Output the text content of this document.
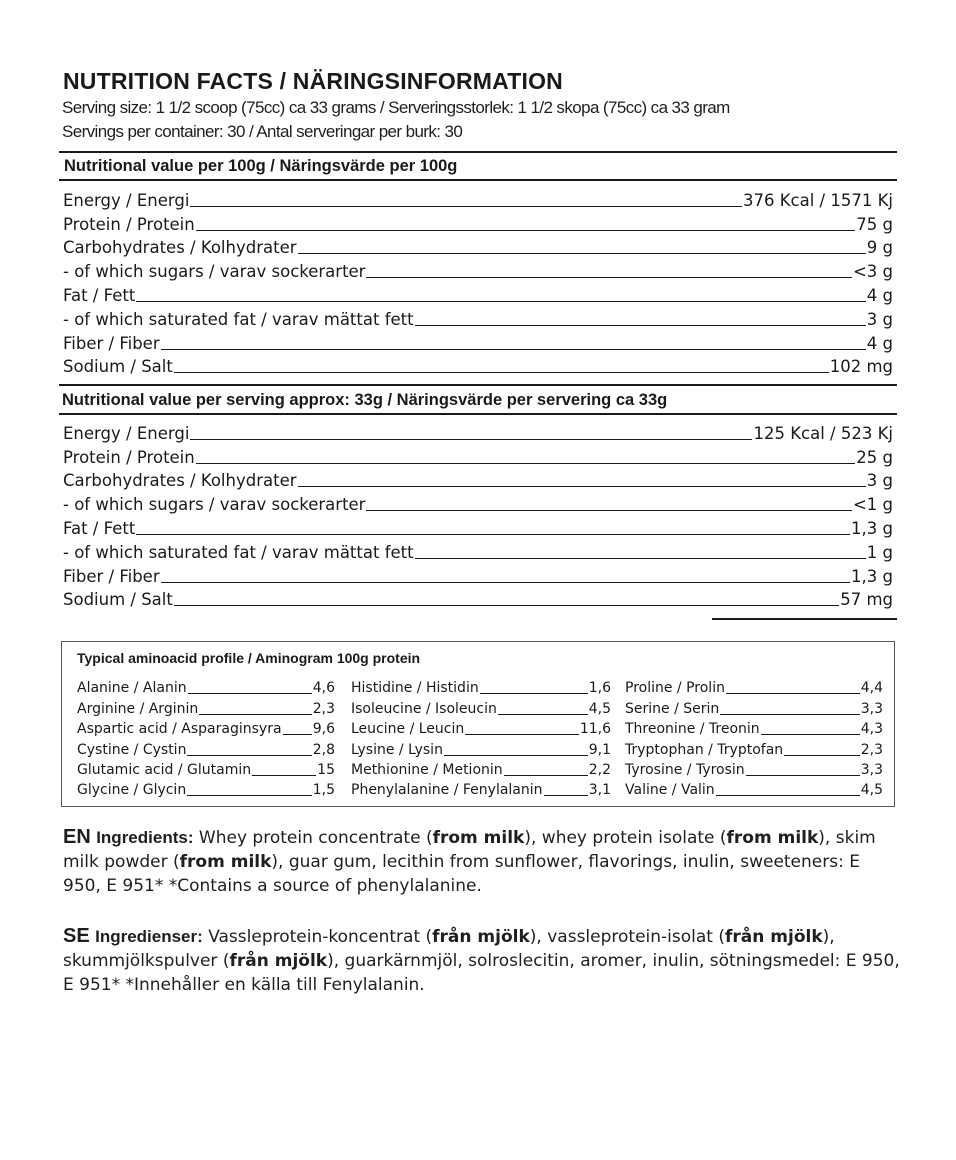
NUTRITION FACTS / NÄRINGSINFORMATION
Serving size: 1 1/2 scoop (75cc) ca 33 grams / Serveringsstorlek: 1 1/2 skopa (75cc) ca 33 gram
Servings per container: 30 / Antal serveringar per burk: 30
Nutritional value per 100g / Näringsvärde per 100g
Energy / Energi	376 Kcal / 1571 Kj
Protein / Protein	75 g
Carbohydrates / Kolhydrater	9 g
- of which sugars / varav sockerarter	<3 g
Fat / Fett	4 g
- of which saturated fat / varav mättat fett	3 g
Fiber / Fiber	4 g
Sodium / Salt	102 mg
Nutritional value per serving approx: 33g / Näringsvärde per servering ca 33g
Energy / Energi	125 Kcal / 523 Kj
Protein / Protein	25 g
Carbohydrates / Kolhydrater	3 g
- of which sugars / varav sockerarter	<1 g
Fat / Fett	1,3 g
- of which saturated fat / varav mättat fett	1 g
Fiber / Fiber	1,3 g
Sodium / Salt	57 mg
Typical aminoacid profile / Aminogram 100g protein
Alanine / Alanin	4,6
Arginine / Arginin	2,3
Aspartic acid / Asparaginsyra 9,6
Cystine / Cystin	2,8
Glutamic acid / Glutamin	15
Glycine / Glycin	1,5
Histidine / Histidin	1,6
Isoleucine / Isoleucin	4,5
Leucine / Leucin	11,6
Lysine / Lysin	9,1
Methionine / Metionin	2,2
Phenylalanine / Fenylalanin	3,1
Proline / Prolin	4,4
Serine / Serin	3,3
Threonine / Treonin	4,3
Tryptophan / Tryptofan	2,3
Tyrosine / Tyrosin	3,3
Valine / Valin	4,5

EN Ingredients: Whey protein concentrate (from milk), whey protein isolate (from milk), skim milk powder (from milk), guar gum, lecithin from sunflower, flavorings, inulin, sweeteners: E 950, E 951* *Contains a source of phenylalanine.

SE Ingredienser: Vassleprotein-koncentrat (från mjölk), vassleprotein-isolat (från mjölk), skummjölkspulver (från mjölk), guarkärnmjöl, solroslecitin, aromer, inulin, sötningsmedel: E 950, E 951* *Innehåller en källa till Fenylalanin.
